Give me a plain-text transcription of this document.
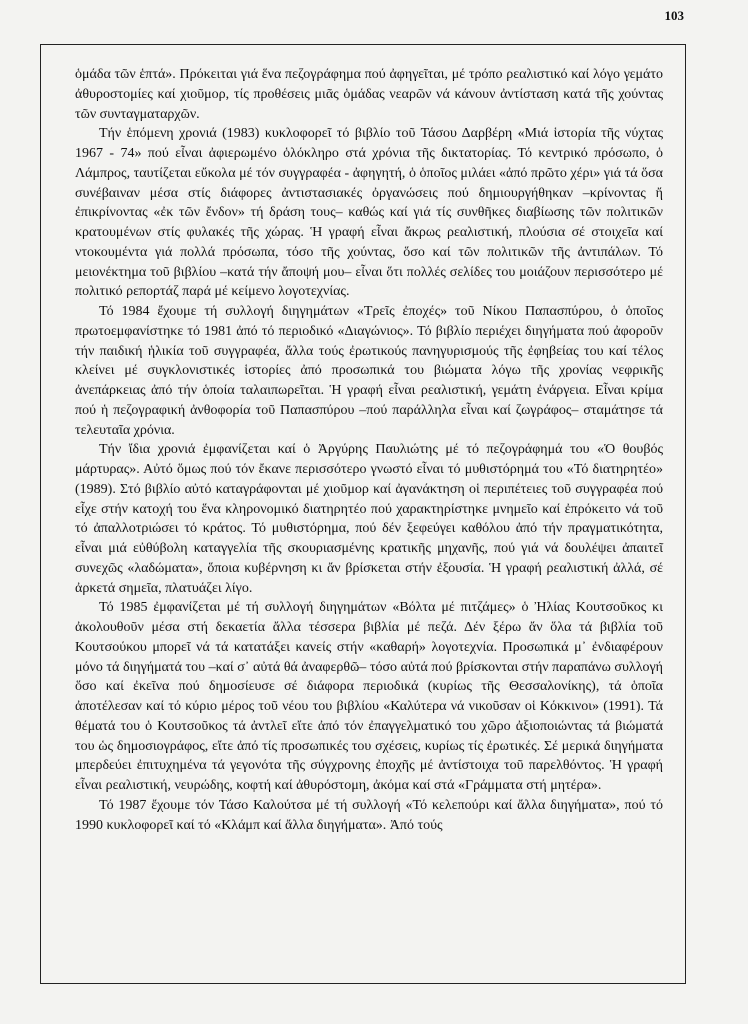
103

ὁμάδα τῶν ἑπτά». Πρόκειται γιά ἕνα πεζογράφημα πού ἀφηγεῖται, μέ τρόπο ρεαλιστικό καί λόγο γεμάτο ἀθυροστομίες καί χιοῦμορ, τίς προθέσεις μιᾶς ὁμάδας νεαρῶν νά κάνουν ἀντίσταση κατά τῆς χούντας τῶν συνταγματαρχῶν.

Τήν ἑπόμενη χρονιά (1983) κυκλοφορεῖ τό βιβλίο τοῦ Τάσου Δαρβέρη «Μιά ἱστορία τῆς νύχτας 1967 - 74» πού εἶναι ἀφιερωμένο ὁλόκληρο στά χρόνια τῆς δικτατορίας. Τό κεντρικό πρόσωπο, ὁ Λάμπρος, ταυτίζεται εὔκολα μέ τόν συγγραφέα - ἀφηγητή, ὁ ὁποῖος μιλάει «ἀπό πρῶτο χέρι» γιά τά ὅσα συνέβαιναν μέσα στίς διάφορες ἀντιστασιακές ὀργανώσεις πού δημιουργήθηκαν –κρίνοντας ἤ ἐπικρίνοντας «ἐκ τῶν ἔνδον» τή δράση τους– καθώς καί γιά τίς συνθῆκες διαβίωσης τῶν πολιτικῶν κρατουμένων στίς φυλακές τῆς χώρας. Ἡ γραφή εἶναι ἄκρως ρεαλιστική, πλούσια σέ στοιχεῖα καί ντοκουμέντα γιά πολλά πρόσωπα, τόσο τῆς χούντας, ὅσο καί τῶν πολιτικῶν τῆς ἀντιπάλων. Τό μειονέκτημα τοῦ βιβλίου –κατά τήν ἄποψή μου– εἶναι ὅτι πολλές σελίδες του μοιάζουν περισσότερο μέ πολιτικό ρεπορτάζ παρά μέ κείμενο λογοτεχνίας.

Τό 1984 ἔχουμε τή συλλογή διηγημάτων «Τρεῖς ἐποχές» τοῦ Νίκου Παπασπύρου, ὁ ὁποῖος πρωτοεμφανίστηκε τό 1981 ἀπό τό περιοδικό «Διαγώνιος». Τό βιβλίο περιέχει διηγήματα πού ἀφοροῦν τήν παιδική ἡλικία τοῦ συγγραφέα, ἄλλα τούς ἐρωτικούς πανηγυρισμούς τῆς ἐφηβείας του καί τέλος κλείνει μέ συγκλονιστικές ἱστορίες ἀπό προσωπικά του βιώματα λόγω τῆς χρονίας νεφρικῆς ἀνεπάρκειας ἀπό τήν ὁποία ταλαιπωρεῖται. Ἡ γραφή εἶναι ρεαλιστική, γεμάτη ἐνάργεια. Εἶναι κρίμα πού ἡ πεζογραφική ἀνθοφορία τοῦ Παπασπύρου –πού παράλληλα εἶναι καί ζωγράφος– σταμάτησε τά τελευταῖα χρόνια.

Τήν ἴδια χρονιά ἐμφανίζεται καί ὁ Ἀργύρης Παυλιώτης μέ τό πεζογράφημά του «Ὁ θουβός μάρτυρας». Αὐτό ὅμως πού τόν ἔκανε περισσότερο γνωστό εἶναι τό μυθιστόρημά του «Τό διατηρητέο» (1989). Στό βιβλίο αὐτό καταγράφονται μέ χιοῦμορ καί ἀγανάκτηση οἱ περιπέτειες τοῦ συγγραφέα πού εἶχε στήν κατοχή του ἕνα κληρονομικό διατηρητέο πού χαρακτηρίστηκε μνημεῖο καί ἐπρόκειτο νά τοῦ τό ἀπαλλοτριώσει τό κράτος. Τό μυθιστόρημα, πού δέν ξεφεύγει καθόλου ἀπό τήν πραγματικότητα, εἶναι μιά εὐθύβολη καταγγελία τῆς σκουριασμένης κρατικῆς μηχανῆς, πού γιά νά δουλέψει ἀπαιτεῖ συνεχῶς «λαδώματα», ὅποια κυβέρνηση κι ἄν βρίσκεται στήν ἐξουσία. Ἡ γραφή ρεαλιστική ἀλλά, σέ ἀρκετά σημεῖα, πλατυάζει λίγο.

Τό 1985 ἐμφανίζεται μέ τή συλλογή διηγημάτων «Βόλτα μέ πιτζάμες» ὁ Ἠλίας Κουτσοῦκος κι ἀκολουθοῦν μέσα στή δεκαετία ἄλλα τέσσερα βιβλία μέ πεζά. Δέν ξέρω ἄν ὅλα τά βιβλία τοῦ Κουτσούκου μπορεῖ νά τά κατατάξει κανείς στήν «καθαρή» λογοτεχνία. Προσωπικά μ᾽ ἐνδιαφέρουν μόνο τά διηγήματά του –καί σ᾽ αὐτά θά ἀναφερθῶ– τόσο αὐτά πού βρίσκονται στήν παραπάνω συλλογή ὅσο καί ἐκεῖνα πού δημοσίευσε σέ διάφορα περιοδικά (κυρίως τῆς Θεσσαλονίκης), τά ὁποῖα ἀποτέλεσαν καί τό κύριο μέρος τοῦ νέου του βιβλίου «Καλύτερα νά νικοῦσαν οἱ Κόκκινοι» (1991). Τά θέματά του ὁ Κουτσοῦκος τά ἀντλεῖ εἴτε ἀπό τόν ἐπαγγελματικό του χῶρο ἀξιοποιώντας τά βιώματά του ὡς δημοσιογράφος, εἴτε ἀπό τίς προσωπικές του σχέσεις, κυρίως τίς ἐρωτικές. Σέ μερικά διηγήματα μπερδεύει ἐπιτυχημένα τά γεγονότα τῆς σύγχρονης ἐποχῆς μέ ἀντίστοιχα τοῦ παρελθόντος. Ἡ γραφή εἶναι ρεαλιστική, νευρώδης, κοφτή καί ἀθυρόστομη, ἀκόμα καί στά «Γράμματα στή μητέρα».

Τό 1987 ἔχουμε τόν Τάσο Καλούτσα μέ τή συλλογή «Τό κελεπούρι καί ἄλλα διηγήματα», πού τό 1990 κυκλοφορεῖ καί τό «Κλάμπ καί ἄλλα διηγήματα». Ἀπό τούς
